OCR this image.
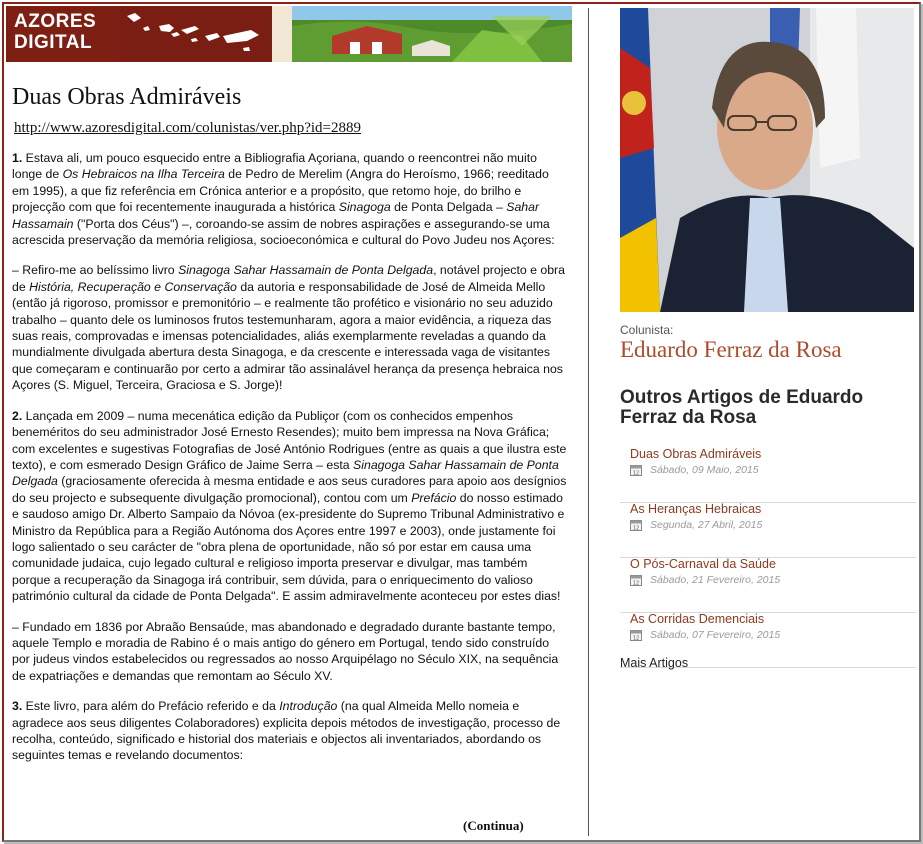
AZORES
DIGITAL
Duas Obras Admiráveis
http://www.azoresdigital.com/colunistas/ver.php?id=2889

1. Estava ali, um pouco esquecido entre a Bibliografia Açoriana, quando o reencontrei não muito longe de Os Hebraicos na Ilha Terceira de Pedro de Merelim (Angra do Heroísmo, 1966; reeditado em 1995), a que fiz referência em Crónica anterior e a propósito, que retomo hoje, do brilho e projecção com que foi recentemente inaugurada a histórica Sinagoga de Ponta Delgada – Sahar Hassamain ("Porta dos Céus") –, coroando-se assim de nobres aspirações e assegurando-se uma acrescida preservação da memória religiosa, socioeconómica e cultural do Povo Judeu nos Açores:

– Refiro-me ao belíssimo livro Sinagoga Sahar Hassamain de Ponta Delgada, notável projecto e obra de História, Recuperação e Conservação da autoria e responsabilidade de José de Almeida Mello (então já rigoroso, promissor e premonitório – e realmente tão profético e visionário no seu aduzido trabalho – quanto dele os luminosos frutos testemunharam, agora a maior evidência, a riqueza das suas reais, comprovadas e imensas potencialidades, aliás exemplarmente reveladas a quando da mundialmente divulgada abertura desta Sinagoga, e da crescente e interessada vaga de visitantes que começaram e continuarão por certo a admirar tão assinalável herança da presença hebraica nos Açores (S. Miguel, Terceira, Graciosa e S. Jorge)!

2. Lançada em 2009 – numa mecenática edição da Publiçor (com os conhecidos empenhos beneméritos do seu administrador José Ernesto Resendes); muito bem impressa na Nova Gráfica; com excelentes e sugestivas Fotografias de José António Rodrigues (entre as quais a que ilustra este texto), e com esmerado Design Gráfico de Jaime Serra – esta Sinagoga Sahar Hassamain de Ponta Delgada (graciosamente oferecida à mesma entidade e aos seus curadores para apoio aos desígnios do seu projecto e subsequente divulgação promocional), contou com um Prefácio do nosso estimado e saudoso amigo Dr. Alberto Sampaio da Nóvoa (ex-presidente do Supremo Tribunal Administrativo e Ministro da República para a Região Autónoma dos Açores entre 1997 e 2003), onde justamente foi logo salientado o seu carácter de "obra plena de oportunidade, não só por estar em causa uma comunidade judaica, cujo legado cultural e religioso importa preservar e divulgar, mas também porque a recuperação da Sinagoga irá contribuir, sem dúvida, para o enriquecimento do valioso património cultural da cidade de Ponta Delgada". E assim admiravelmente aconteceu por estes dias!

– Fundado em 1836 por Abraão Bensaúde, mas abandonado e degradado durante bastante tempo, aquele Templo e moradia de Rabino é o mais antigo do género em Portugal, tendo sido construído por judeus vindos estabelecidos ou regressados ao nosso Arquipélago no Século XIX, na sequência de expatriações e demandas que remontam ao Século XV.

3. Este livro, para além do Prefácio referido e da Introdução (na qual Almeida Mello nomeia e agradece aos seus diligentes Colaboradores) explicita depois métodos de investigação, processo de recolha, conteúdo, significado e historial dos materiais e objectos ali inventariados, abordando os seguintes temas e revelando documentos:

(Continua)
Colunista:
Eduardo Ferraz da Rosa
Outros Artigos de Eduardo Ferraz da Rosa
Duas Obras Admiráveis
12 Sábado, 09 Maio, 2015
As Heranças Hebraicas
12 Segunda, 27 Abril, 2015
O Pós-Carnaval da Saúde
12 Sábado, 21 Fevereiro, 2015
As Corridas Demenciais
12 Sábado, 07 Fevereiro, 2015
Mais Artigos
